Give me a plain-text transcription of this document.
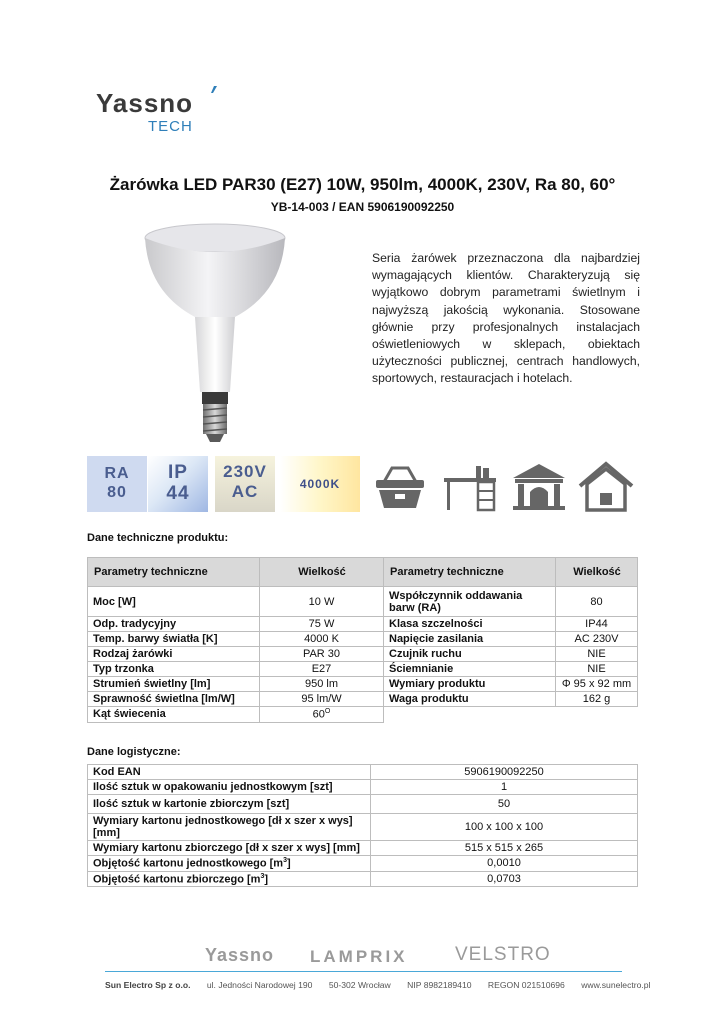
Yassno
TECH
Żarówka LED PAR30 (E27) 10W, 950lm, 4000K, 230V, Ra 80, 60°
YB-14-003 / EAN 5906190092250
Seria żarówek przeznaczona dla najbardziej wymagających klientów. Charakteryzują się wyjątkowo dobrym parametrami świetlnym i najwyższą jakością wykonania. Stosowane głównie przy profesjonalnych instalacjach oświetleniowych w sklepach, obiektach użyteczności publicznej, centrach handlowych, sportowych, restauracjach i hotelach.
RA
80
IP
44
230V
AC	4000K
Dane techniczne produktu:
Parametry techniczne	Wielkość	Parametry techniczne	Wielkość
Moc [W]	10 W	Współczynnik oddawania barw (RA)	80
Odp. tradycyjny	75 W	Klasa szczelności	IP44
Temp. barwy światła [K]	4000 K	Napięcie zasilania	AC 230V
Rodzaj żarówki	PAR 30	Czujnik ruchu	NIE
Typ trzonka	E27	Ściemnianie	NIE
Strumień świetlny [lm]	950 lm	Wymiary produktu	Φ 95 x 92 mm
Sprawność świetlna [lm/W]	95 lm/W	Waga produktu	162 g
Kąt świecenia	$60^O$		
Dane logistyczne:
Kod EAN	5906190092250
Ilość sztuk w opakowaniu jednostkowym [szt]	1
Ilość sztuk w kartonie zbiorczym [szt]	50
Wymiary kartonu jednostkowego [dł x szer x wys] [mm]	100 x 100 x 100
Wymiary kartonu zbiorczego [dł x szer x wys] [mm]	515 x 515 x 265
Objętość kartonu jednostkowego $[m^3]$	0,0010
Objętość kartonu zbiorczego $[m^3]$	0,0703
Yassno LAMPRIX	VELSTRO
Sun Electro Sp z o.o. ul. Jedności Narodowej 190 50-302 Wrocław NIP 8982189410 REGON 021510696 www.sunelectro.pl
